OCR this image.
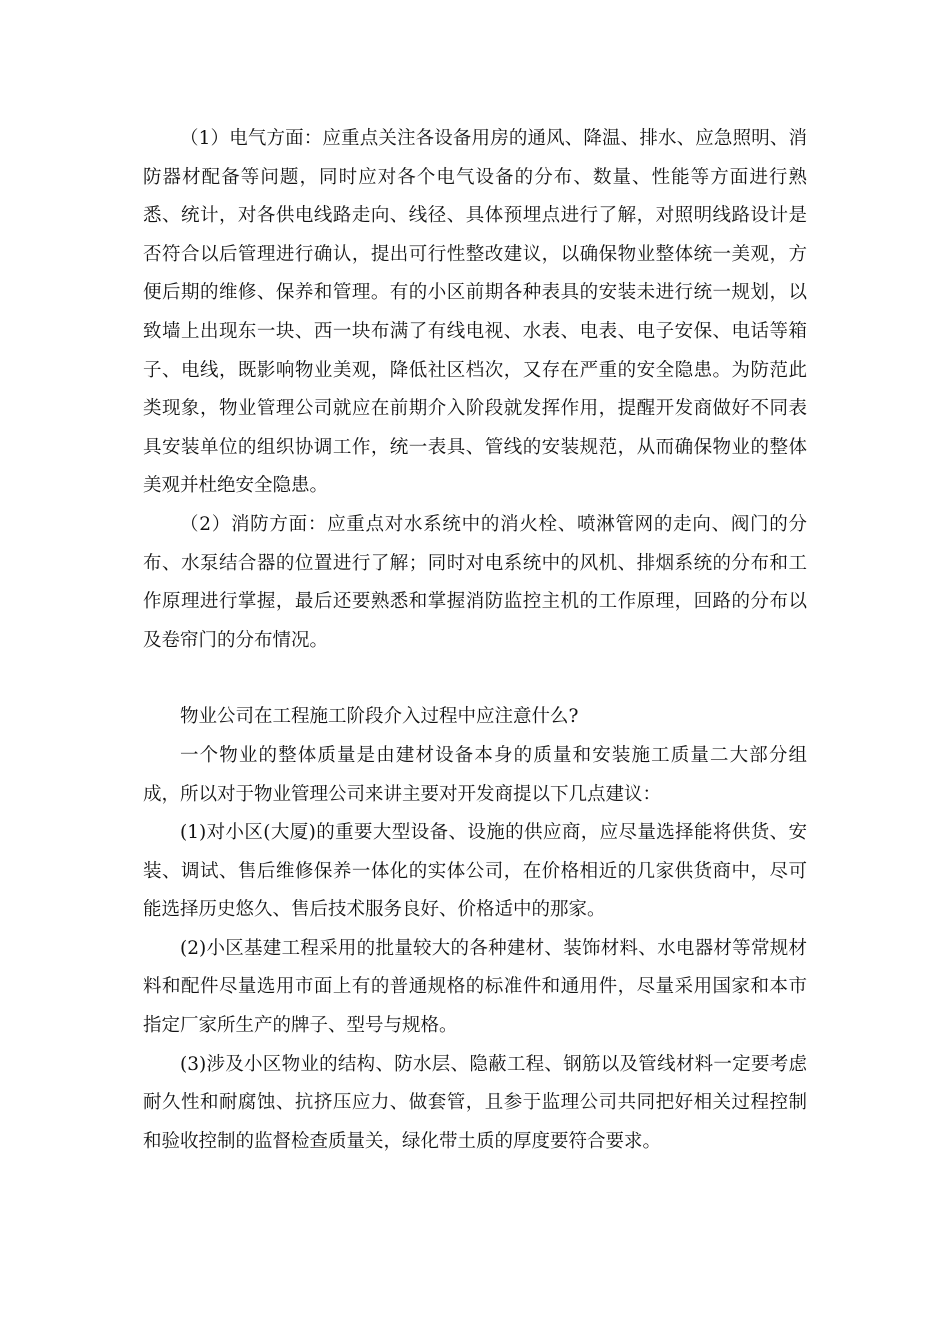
（1）电气方面：应重点关注各设备用房的通风、降温、排水、应急照明、消防器材配备等问题，同时应对各个电气设备的分布、数量、性能等方面进行熟悉、统计，对各供电线路走向、线径、具体预埋点进行了解，对照明线路设计是否符合以后管理进行确认，提出可行性整改建议，以确保物业整体统一美观，方便后期的维修、保养和管理。有的小区前期各种表具的安装未进行统一规划，以致墙上出现东一块、西一块布满了有线电视、水表、电表、电子安保、电话等箱子、电线，既影响物业美观，降低社区档次，又存在严重的安全隐患。为防范此类现象，物业管理公司就应在前期介入阶段就发挥作用，提醒开发商做好不同表具安装单位的组织协调工作，统一表具、管线的安装规范，从而确保物业的整体美观并杜绝安全隐患。

（2）消防方面：应重点对水系统中的消火栓、喷淋管网的走向、阀门的分布、水泵结合器的位置进行了解；同时对电系统中的风机、排烟系统的分布和工作原理进行掌握，最后还要熟悉和掌握消防监控主机的工作原理，回路的分布以及卷帘门的分布情况。

物业公司在工程施工阶段介入过程中应注意什么?

一个物业的整体质量是由建材设备本身的质量和安装施工质量二大部分组成，所以对于物业管理公司来讲主要对开发商提以下几点建议：

(1)对小区(大厦)的重要大型设备、设施的供应商，应尽量选择能将供货、安装、调试、售后维修保养一体化的实体公司，在价格相近的几家供货商中，尽可能选择历史悠久、售后技术服务良好、价格适中的那家。

(2)小区基建工程采用的批量较大的各种建材、装饰材料、水电器材等常规材料和配件尽量选用市面上有的普通规格的标准件和通用件，尽量采用国家和本市指定厂家所生产的牌子、型号与规格。

(3)涉及小区物业的结构、防水层、隐蔽工程、钢筋以及管线材料一定要考虑耐久性和耐腐蚀、抗挤压应力、做套管，且参于监理公司共同把好相关过程控制和验收控制的监督检查质量关，绿化带土质的厚度要符合要求。
